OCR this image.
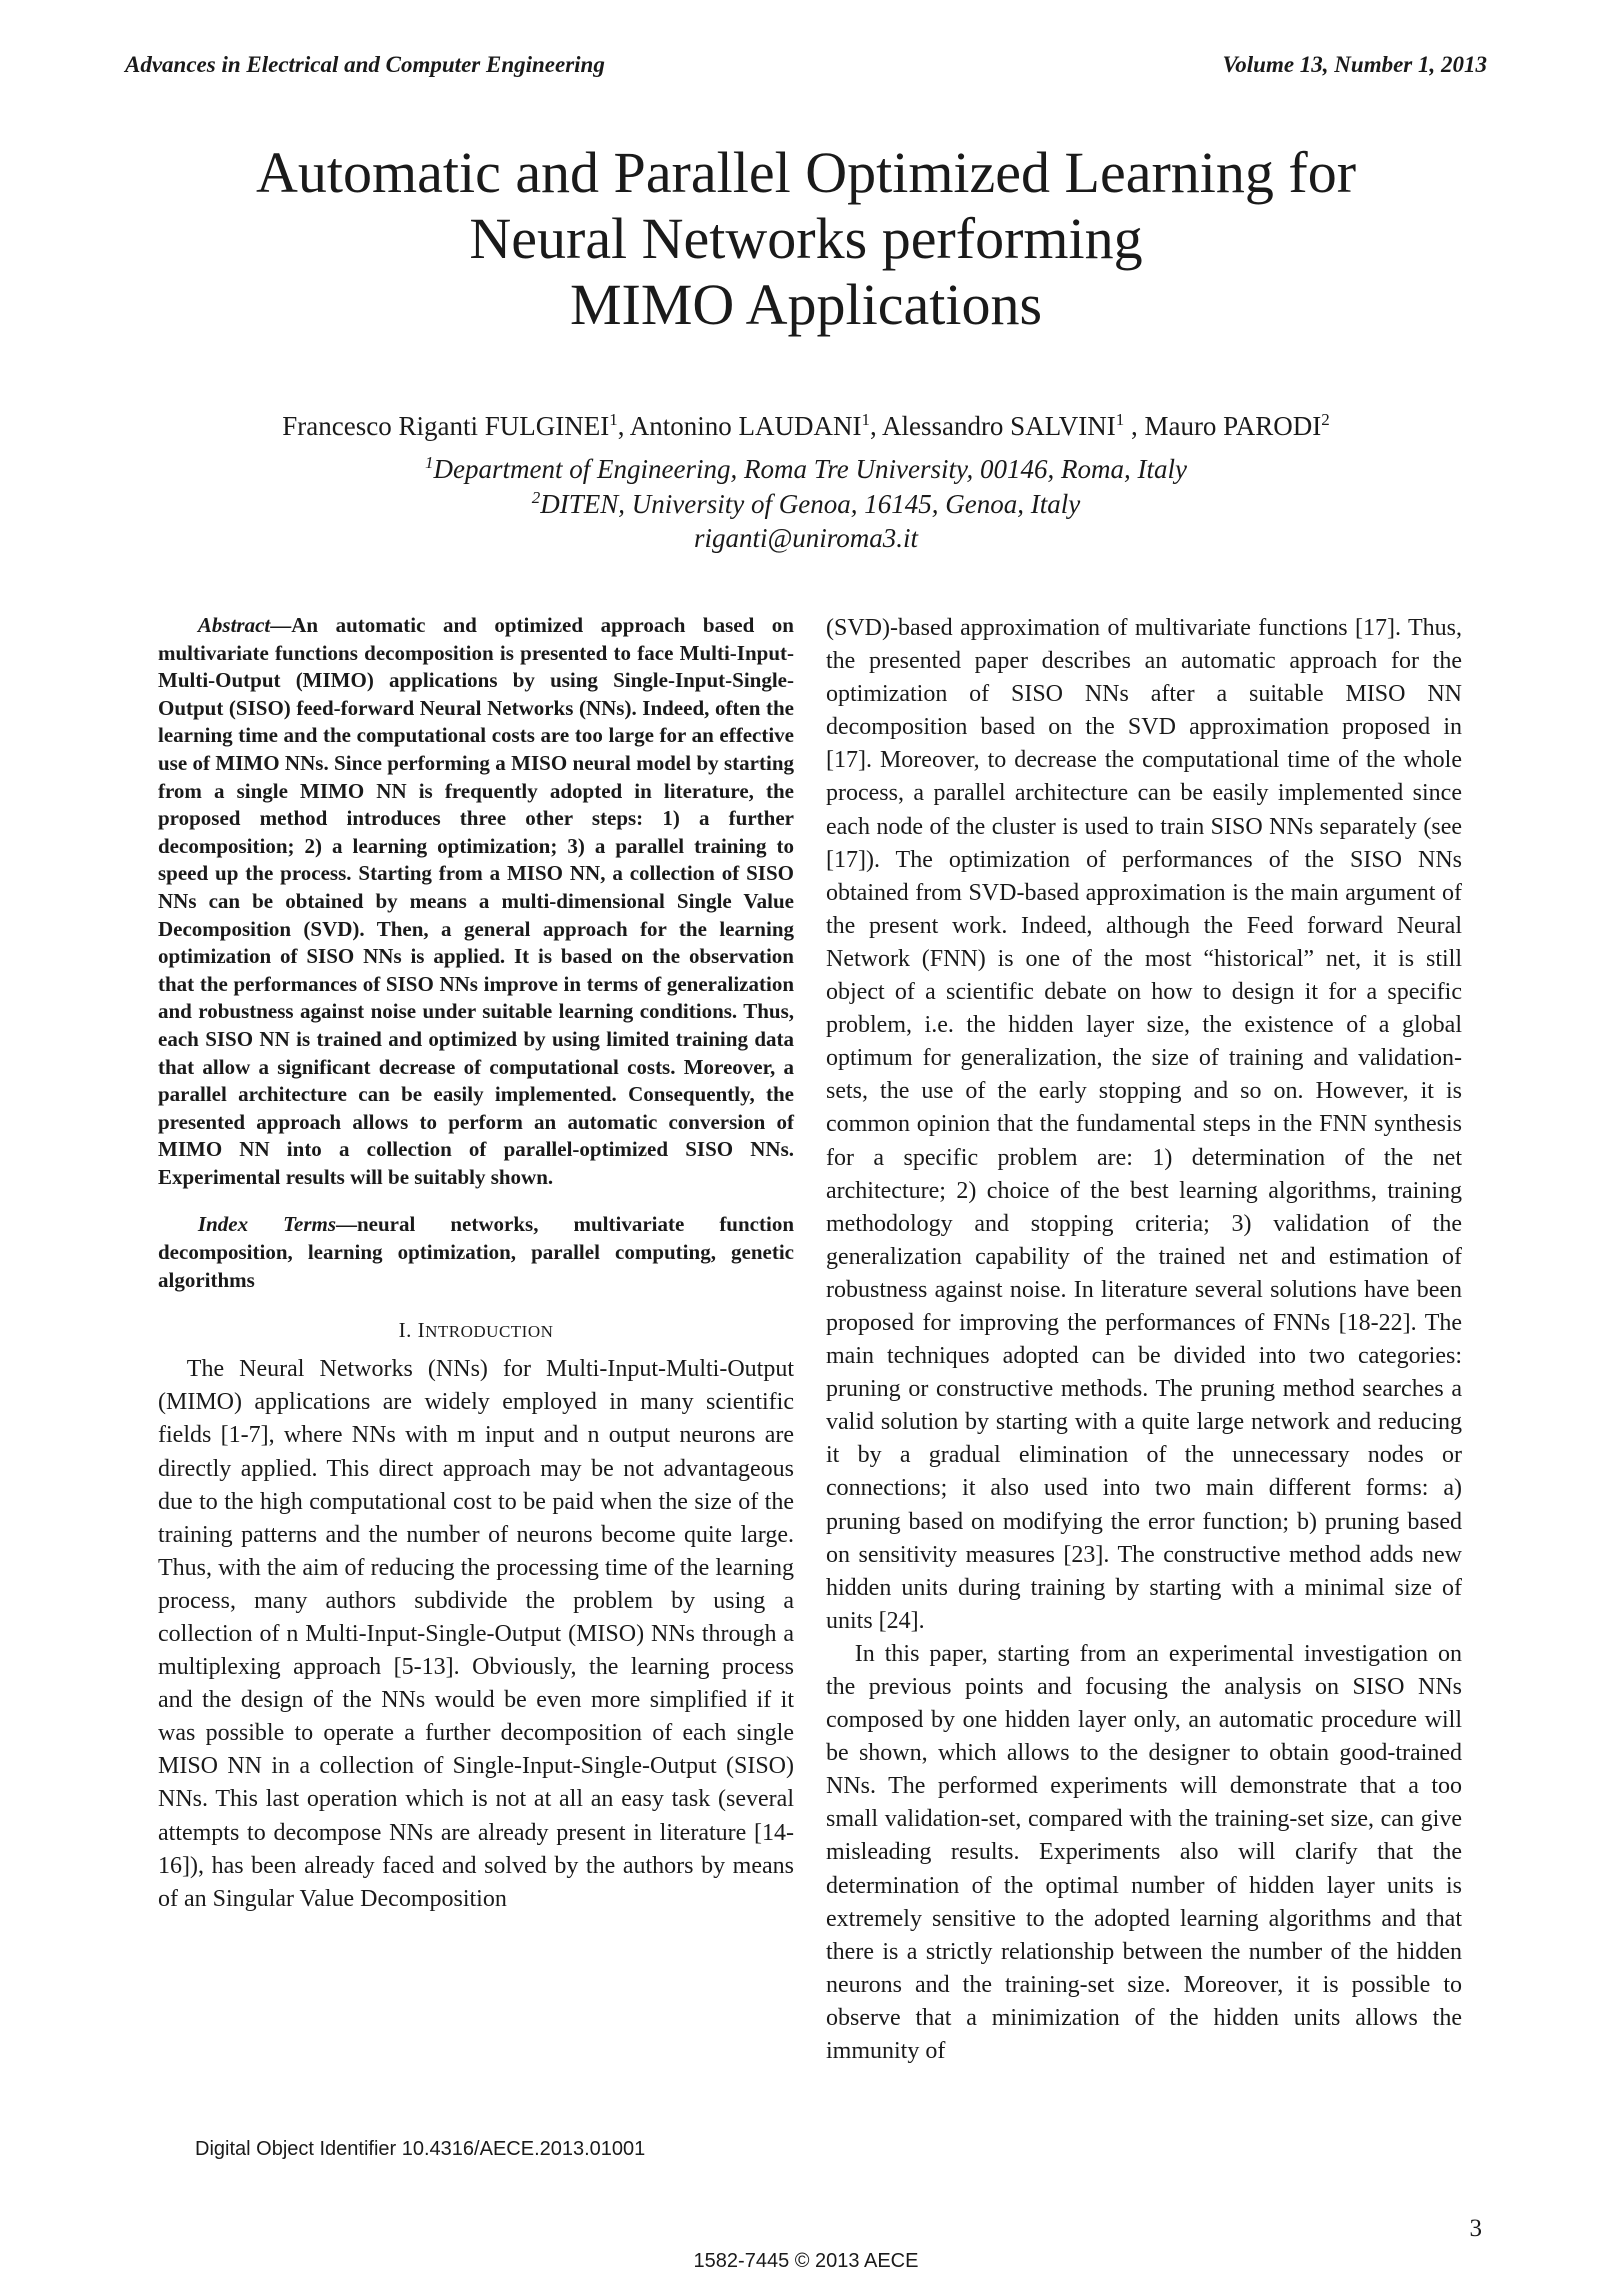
Advances in Electrical and Computer Engineering	Volume 13, Number 1, 2013
Automatic and Parallel Optimized Learning for
Neural Networks performing
MIMO Applications
Francesco Riganti FULGINEI$^1$, Antonino LAUDANI$^1$, Alessandro SALVINI$^1$ , Mauro PARODI$^2$
$^1$Department of Engineering, Roma Tre University, 00146, Roma, Italy
$^2$DITEN, University of Genoa, 16145, Genoa, Italy
riganti@uniroma3.it

Abstract—An automatic and optimized approach based on multivariate functions decomposition is presented to face Multi-Input-Multi-Output (MIMO) applications by using Single-Input-Single-Output (SISO) feed-forward Neural Networks (NNs). Indeed, often the learning time and the computational costs are too large for an effective use of MIMO NNs. Since performing a MISO neural model by starting from a single MIMO NN is frequently adopted in literature, the proposed method introduces three other steps: 1) a further decomposition; 2) a learning optimization; 3) a parallel training to speed up the process. Starting from a MISO NN, a collection of SISO NNs can be obtained by means a multi-dimensional Single Value Decomposition (SVD). Then, a general approach for the learning optimization of SISO NNs is applied. It is based on the observation that the performances of SISO NNs improve in terms of generalization and robustness against noise under suitable learning conditions. Thus, each SISO NN is trained and optimized by using limited training data that allow a significant decrease of computational costs. Moreover, a parallel architecture can be easily implemented. Consequently, the presented approach allows to perform an automatic conversion of MIMO NN into a collection of parallel-optimized SISO NNs. Experimental results will be suitably shown.

Index Terms—neural networks, multivariate function decomposition, learning optimization, parallel computing, genetic algorithms

I. INTRODUCTION

The Neural Networks (NNs) for Multi-Input-Multi-Output (MIMO) applications are widely employed in many scientific fields [1-7], where NNs with m input and n output neurons are directly applied. This direct approach may be not advantageous due to the high computational cost to be paid when the size of the training patterns and the number of neurons become quite large. Thus, with the aim of reducing the processing time of the learning process, many authors subdivide the problem by using a collection of n Multi-Input-Single-Output (MISO) NNs through a multiplexing approach [5-13]. Obviously, the learning process and the design of the NNs would be even more simplified if it was possible to operate a further decomposition of each single MISO NN in a collection of Single-Input-Single-Output (SISO) NNs. This last operation which is not at all an easy task (several attempts to decompose NNs are already present in literature [14-16]), has been already faced and solved by the authors by means of an Singular Value Decomposition

(SVD)-based approximation of multivariate functions [17]. Thus, the presented paper describes an automatic approach for the optimization of SISO NNs after a suitable MISO NN decomposition based on the SVD approximation proposed in [17]. Moreover, to decrease the computational time of the whole process, a parallel architecture can be easily implemented since each node of the cluster is used to train SISO NNs separately (see [17]). The optimization of performances of the SISO NNs obtained from SVD-based approximation is the main argument of the present work. Indeed, although the Feed forward Neural Network (FNN) is one of the most “historical” net, it is still object of a scientific debate on how to design it for a specific problem, i.e. the hidden layer size, the existence of a global optimum for generalization, the size of training and validation-sets, the use of the early stopping and so on. However, it is common opinion that the fundamental steps in the FNN synthesis for a specific problem are: 1) determination of the net architecture; 2) choice of the best learning algorithms, training methodology and stopping criteria; 3) validation of the generalization capability of the trained net and estimation of robustness against noise. In literature several solutions have been proposed for improving the performances of FNNs [18-22]. The main techniques adopted can be divided into two categories: pruning or constructive methods. The pruning method searches a valid solution by starting with a quite large network and reducing it by a gradual elimination of the unnecessary nodes or connections; it also used into two main different forms: a) pruning based on modifying the error function; b) pruning based on sensitivity measures [23]. The constructive method adds new hidden units during training by starting with a minimal size of units [24].

In this paper, starting from an experimental investigation on the previous points and focusing the analysis on SISO NNs composed by one hidden layer only, an automatic procedure will be shown, which allows to the designer to obtain good-trained NNs. The performed experiments will demonstrate that a too small validation-set, compared with the training-set size, can give misleading results. Experiments also will clarify that the determination of the optimal number of hidden layer units is extremely sensitive to the adopted learning algorithms and that there is a strictly relationship between the number of the hidden neurons and the training-set size. Moreover, it is possible to observe that a minimization of the hidden units allows the immunity of

Digital Object Identifier 10.4316/AECE.2013.01001
3
1582-7445 © 2013 AECE
